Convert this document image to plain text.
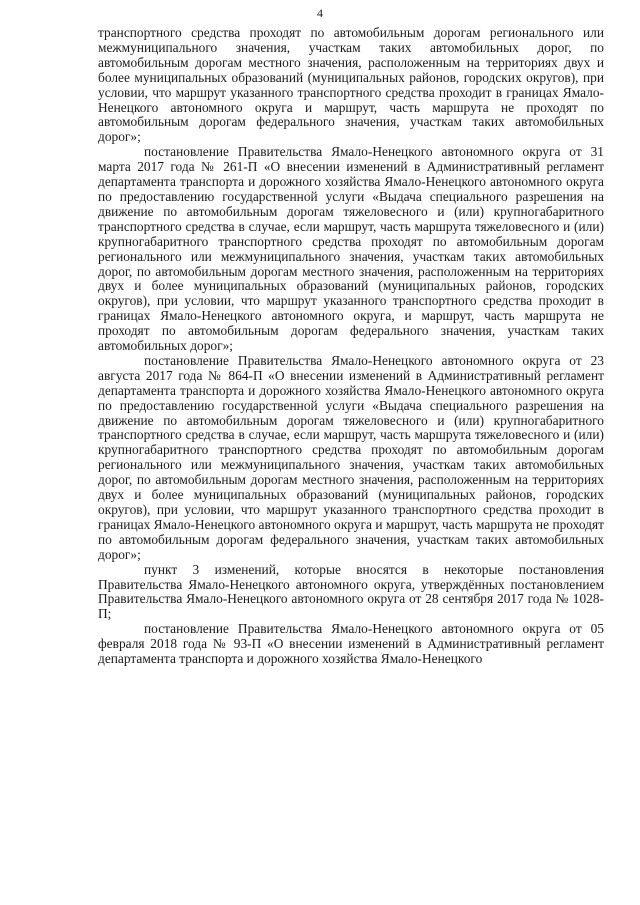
4

транспортного средства проходят по автомобильным дорогам регионального или межмуниципального значения, участкам таких автомобильных дорог, по автомобильным дорогам местного значения, расположенным на территориях двух и более муниципальных образований (муниципальных районов, городских округов), при условии, что маршрут указанного транспортного средства проходит в границах Ямало-Ненецкого автономного округа и маршрут, часть маршрута не проходят по автомобильным дорогам федерального значения, участкам таких автомобильных дорог»;

постановление Правительства Ямало-Ненецкого автономного округа от 31 марта 2017 года № 261-П «О внесении изменений в Административный регламент департамента транспорта и дорожного хозяйства Ямало-Ненецкого автономного округа по предоставлению государственной услуги «Выдача специального разрешения на движение по автомобильным дорогам тяжеловесного и (или) крупногабаритного транспортного средства в случае, если маршрут, часть маршрута тяжеловесного и (или) крупногабаритного транспортного средства проходят по автомобильным дорогам регионального или межмуниципального значения, участкам таких автомобильных дорог, по автомобильным дорогам местного значения, расположенным на территориях двух и более муниципальных образований (муниципальных районов, городских округов), при условии, что маршрут указанного транспортного средства проходит в границах Ямало-Ненецкого автономного округа, и маршрут, часть маршрута не проходят по автомобильным дорогам федерального значения, участкам таких автомобильных дорог»;

постановление Правительства Ямало-Ненецкого автономного округа от 23 августа 2017 года № 864-П «О внесении изменений в Административный регламент департамента транспорта и дорожного хозяйства Ямало-Ненецкого автономного округа по предоставлению государственной услуги «Выдача специального разрешения на движение по автомобильным дорогам тяжеловесного и (или) крупногабаритного транспортного средства в случае, если маршрут, часть маршрута тяжеловесного и (или) крупногабаритного транспортного средства проходят по автомобильным дорогам регионального или межмуниципального значения, участкам таких автомобильных дорог, по автомобильным дорогам местного значения, расположенным на территориях двух и более муниципальных образований (муниципальных районов, городских округов), при условии, что маршрут указанного транспортного средства проходит в границах Ямало-Ненецкого автономного округа и маршрут, часть маршрута не проходят по автомобильным дорогам федерального значения, участкам таких автомобильных дорог»;

пункт 3 изменений, которые вносятся в некоторые постановления Правительства Ямало-Ненецкого автономного округа, утверждённых постановлением Правительства Ямало-Ненецкого автономного округа от 28 сентября 2017 года № 1028-П;

постановление Правительства Ямало-Ненецкого автономного округа от 05 февраля 2018 года № 93-П «О внесении изменений в Административный регламент департамента транспорта и дорожного хозяйства Ямало-Ненецкого
